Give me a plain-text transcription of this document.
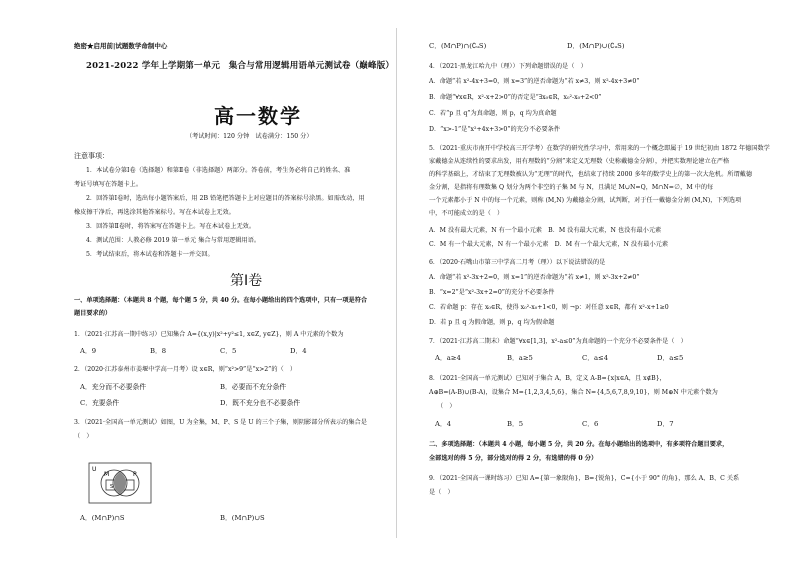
绝密★启用前|试题数学命制中心
2021-2022 学年上学期第一单元　集合与常用逻辑用语单元测试卷（巅峰版）
高一数学
（考试时间：120 分钟　试卷满分：150 分）
注意事项：
1．本试卷分第Ⅰ卷（选择题）和第Ⅱ卷（非选择题）两部分。答卷前，考生务必将自己的姓名、准
考证号填写在答题卡上。
2．回答第Ⅰ卷时，选出每小题答案后，用 2B 铅笔把答题卡上对应题目的答案标号涂黑。如需改动，用
橡皮擦干净后，再选涂其他答案标号。写在本试卷上无效。
3．回答第Ⅱ卷时，将答案写在答题卡上。写在本试卷上无效。
4．测试范围：人教必修 2019 第一单元 集合与常用逻辑用语。
5．考试结束后，将本试卷和答题卡一并交回。
第Ⅰ卷
一、单项选择题：（本题共 8 个题，每个题 5 分，共 40 分。在每小题给出的四个选项中，只有一项是符合
题目要求的）
1．（2021·江苏高一期中练习）已知集合 A={(x,y)|x²+y²≤1, x∈Z, y∈Z}，则 A 中元素的个数为
A．9	B．8	C．5	D．4
2．（2020·江苏泰州市姜堰中学高一月考）设 x∈R，则“x²>9”是“x>2”的（　）
A．充分而不必要条件	B．必要而不充分条件
C．充要条件	D．既不充分也不必要条件
3．（2021·全国高一单元测试）如图，U 为全集，M、P、S 是 U 的三个子集，则阴影部分所表示的集合是
（　）
U
M	P
S
A．(M∩P)∩S	B．(M∩P)∪S
C．(M∩P)∩(∁ᵤS)	D．(M∩P)∪(∁ᵤS)
4．（2021·黑龙江哈九中（理））下列命题错误的是（　）
A．命题“若 x²-4x+3=0，则 x=3”的逆否命题为“若 x≠3，则 x²-4x+3≠0”
B．命题“∀x∈R，x²-x+2>0”的否定是“∃x₀∈R，x₀²-x₀+2<0”
C．若“p 且 q”为真命题，则 p，q 均为真命题
D．“x>-1”是“x²+4x+3>0”的充分不必要条件
5．（2021·重庆市南开中学校高三开学考）在数学的研究性学习中，常用来的一个概念即属于 19 世纪初由 1872 年德国数学
家戴德金从连续性的要求出发，用有理数的“分割”来定义无理数（史称戴德金分割），并把实数理论建立在严格
的科学基础上，才结束了无理数被认为“无理”的时代，也结束了持续 2000 多年的数学史上的第一次大危机。所谓戴德
金分割，是指将有理数集 Q 划分为两个非空的子集 M 与 N，且满足 M∪N=Q，M∩N=∅，M 中的每
一个元素都小于 N 中的每一个元素，则称 (M,N) 为戴德金分割，试判断，对于任一戴德金分割 (M,N)，下列选项
中，不可能成立的是（　）
A．M 没有最大元素，N 有一个最小元素　B．M 没有最大元素，N 也没有最小元素
C．M 有一个最大元素，N 有一个最小元素　D．M 有一个最大元素，N 没有最小元素
6．（2020·石嘴山市第三中学高二月考（理））以下说法错误的是
A．命题“若 x²-3x+2=0，则 x=1”的逆否命题为“若 x≠1，则 x²-3x+2≠0”
B．“x=2”是“x²-3x+2=0”的充分不必要条件
C．若命题 p：存在 x₀∈R，使得 x₀²-x₀+1<0，则 ¬p：对任意 x∈R，都有 x²-x+1≥0
D．若 p 且 q 为假命题，则 p，q 均为假命题
7．（2021·江苏高二期末）命题“∀x∈[1,3]，x²-a≤0”为真命题的一个充分不必要条件是（　）
A．a≥4	B．a≥5	C．a≤4	D．a≤5
8．（2021·全国高一单元测试）已知对于集合 A，B，定义 A-B={x|x∈A，且 x∉B}，
A⊕B=(A-B)∪(B-A)，设集合 M={1,2,3,4,5,6}，集合 N={4,5,6,7,8,9,10}，则 M⊕N 中元素个数为
（　）
A．4	B．5	C．6	D．7
二、多项选择题：（本题共 4 小题，每小题 5 分，共 20 分。在每小题给出的选项中，有多项符合题目要求，
全部选对的得 5 分，部分选对的得 2 分，有选错的得 0 分）
9．（2021·全国高一课时练习）已知 A={第一象限角}，B={锐角}，C={小于 90° 的角}，那么 A、B、C 关系
是（　）
